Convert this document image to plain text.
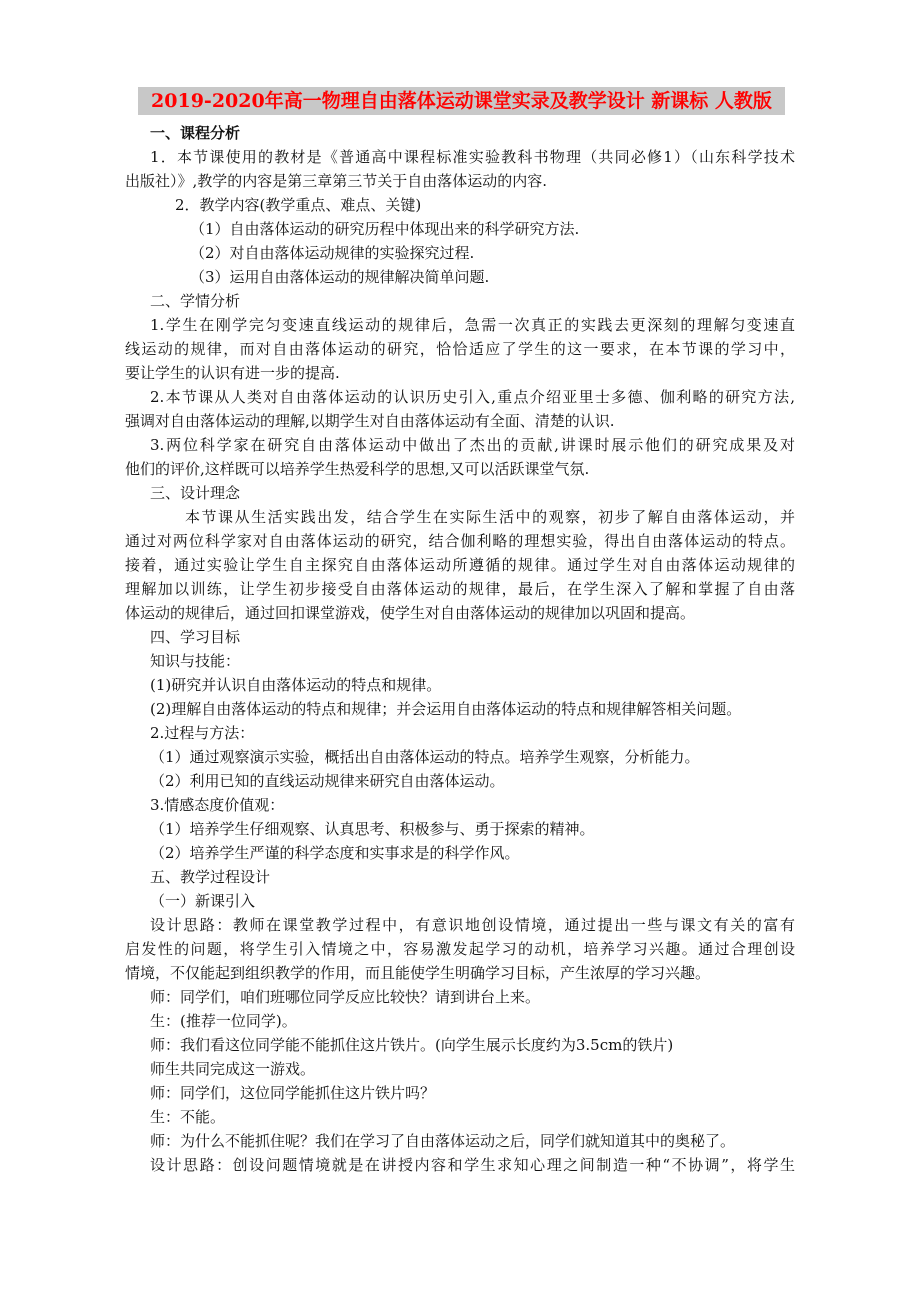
2019-2020年高一物理自由落体运动课堂实录及教学设计 新课标 人教版
一、课程分析
1．本节课使用的教材是《普通高中课程标准实验教科书物理（共同必修1）（山东科学技术
出版社）》,教学的内容是第三章第三节关于自由落体运动的内容.
2．教学内容(教学重点、难点、关键)
（1）自由落体运动的研究历程中体现出来的科学研究方法.
（2）对自由落体运动规律的实验探究过程.
（3）运用自由落体运动的规律解决简单问题.
二、学情分析
1.学生在刚学完匀变速直线运动的规律后，急需一次真正的实践去更深刻的理解匀变速直
线运动的规律，而对自由落体运动的研究，恰恰适应了学生的这一要求，在本节课的学习中，
要让学生的认识有进一步的提高.
2.本节课从人类对自由落体运动的认识历史引入,重点介绍亚里士多德、伽利略的研究方法,
强调对自由落体运动的理解,以期学生对自由落体运动有全面、清楚的认识.
3.两位科学家在研究自由落体运动中做出了杰出的贡献,讲课时展示他们的研究成果及对
他们的评价,这样既可以培养学生热爱科学的思想,又可以活跃课堂气氛.
三、设计理念
本节课从生活实践出发，结合学生在实际生活中的观察，初步了解自由落体运动，并
通过对两位科学家对自由落体运动的研究，结合伽利略的理想实验，得出自由落体运动的特点。
接着，通过实验让学生自主探究自由落体运动所遵循的规律。通过学生对自由落体运动规律的
理解加以训练，让学生初步接受自由落体运动的规律，最后，在学生深入了解和掌握了自由落
体运动的规律后，通过回扣课堂游戏，使学生对自由落体运动的规律加以巩固和提高。
四、学习目标
知识与技能：
(1)研究并认识自由落体运动的特点和规律。
(2)理解自由落体运动的特点和规律；并会运用自由落体运动的特点和规律解答相关问题。
2.过程与方法：
（1）通过观察演示实验，概括出自由落体运动的特点。培养学生观察，分析能力。
（2）利用已知的直线运动规律来研究自由落体运动。
3.情感态度价值观：
（1）培养学生仔细观察、认真思考、积极参与、勇于探索的精神。
（2）培养学生严谨的科学态度和实事求是的科学作风。
五、教学过程设计
（一）新课引入
设计思路：教师在课堂教学过程中，有意识地创设情境，通过提出一些与课文有关的富有
启发性的问题，将学生引入情境之中，容易激发起学习的动机，培养学习兴趣。通过合理创设
情境，不仅能起到组织教学的作用，而且能使学生明确学习目标，产生浓厚的学习兴趣。
师：同学们，咱们班哪位同学反应比较快？请到讲台上来。
生：(推荐一位同学)。
师：我们看这位同学能不能抓住这片铁片。(向学生展示长度约为3.5cm的铁片)
师生共同完成这一游戏。
师：同学们，这位同学能抓住这片铁片吗？
生：不能。
师：为什么不能抓住呢？我们在学习了自由落体运动之后，同学们就知道其中的奥秘了。
设计思路：创设问题情境就是在讲授内容和学生求知心理之间制造一种“不协调”，将学生
